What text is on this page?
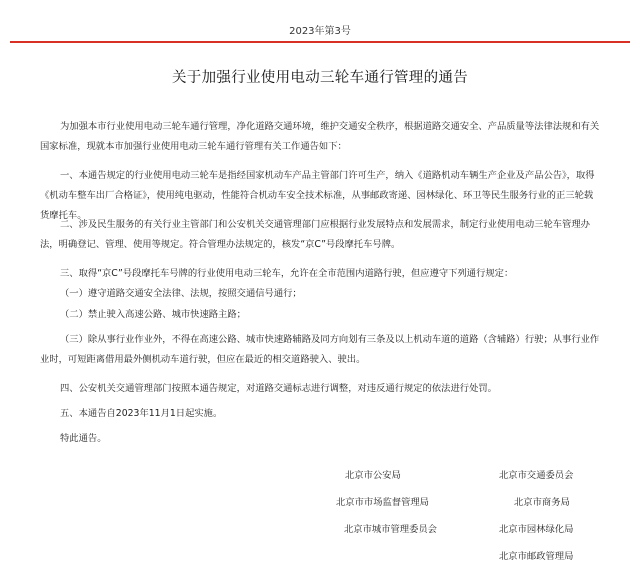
2023年第3号
关于加强行业使用电动三轮车通行管理的通告

为加强本市行业使用电动三轮车通行管理，净化道路交通环境，维护交通安全秩序，根据道路交通安全、产品质量等法律法规和有关国家标准，现就本市加强行业使用电动三轮车通行管理有关工作通告如下：

一、本通告规定的行业使用电动三轮车是指经国家机动车产品主管部门许可生产，纳入《道路机动车辆生产企业及产品公告》，取得《机动车整车出厂合格证》，使用纯电驱动，性能符合机动车安全技术标准，从事邮政寄递、园林绿化、环卫等民生服务行业的正三轮载货摩托车。

二、涉及民生服务的有关行业主管部门和公安机关交通管理部门应根据行业发展特点和发展需求，制定行业使用电动三轮车管理办法，明确登记、管理、使用等规定。符合管理办法规定的，核发“京C”号段摩托车号牌。

三、取得“京C”号段摩托车号牌的行业使用电动三轮车，允许在全市范围内道路行驶，但应遵守下列通行规定：

（一）遵守道路交通安全法律、法规，按照交通信号通行；

（二）禁止驶入高速公路、城市快速路主路；

（三）除从事行业作业外，不得在高速公路、城市快速路辅路及同方向划有三条及以上机动车道的道路（含辅路）行驶；从事行业作业时，可短距离借用最外侧机动车道行驶，但应在最近的相交道路驶入、驶出。

四、公安机关交通管理部门按照本通告规定，对道路交通标志进行调整，对违反通行规定的依法进行处罚。

五、本通告自2023年11月1日起实施。

特此通告。

北京市公安局	北京市交通委员会
北京市市场监督管理局	北京市商务局
北京市城市管理委员会	北京市园林绿化局
北京市邮政管理局
